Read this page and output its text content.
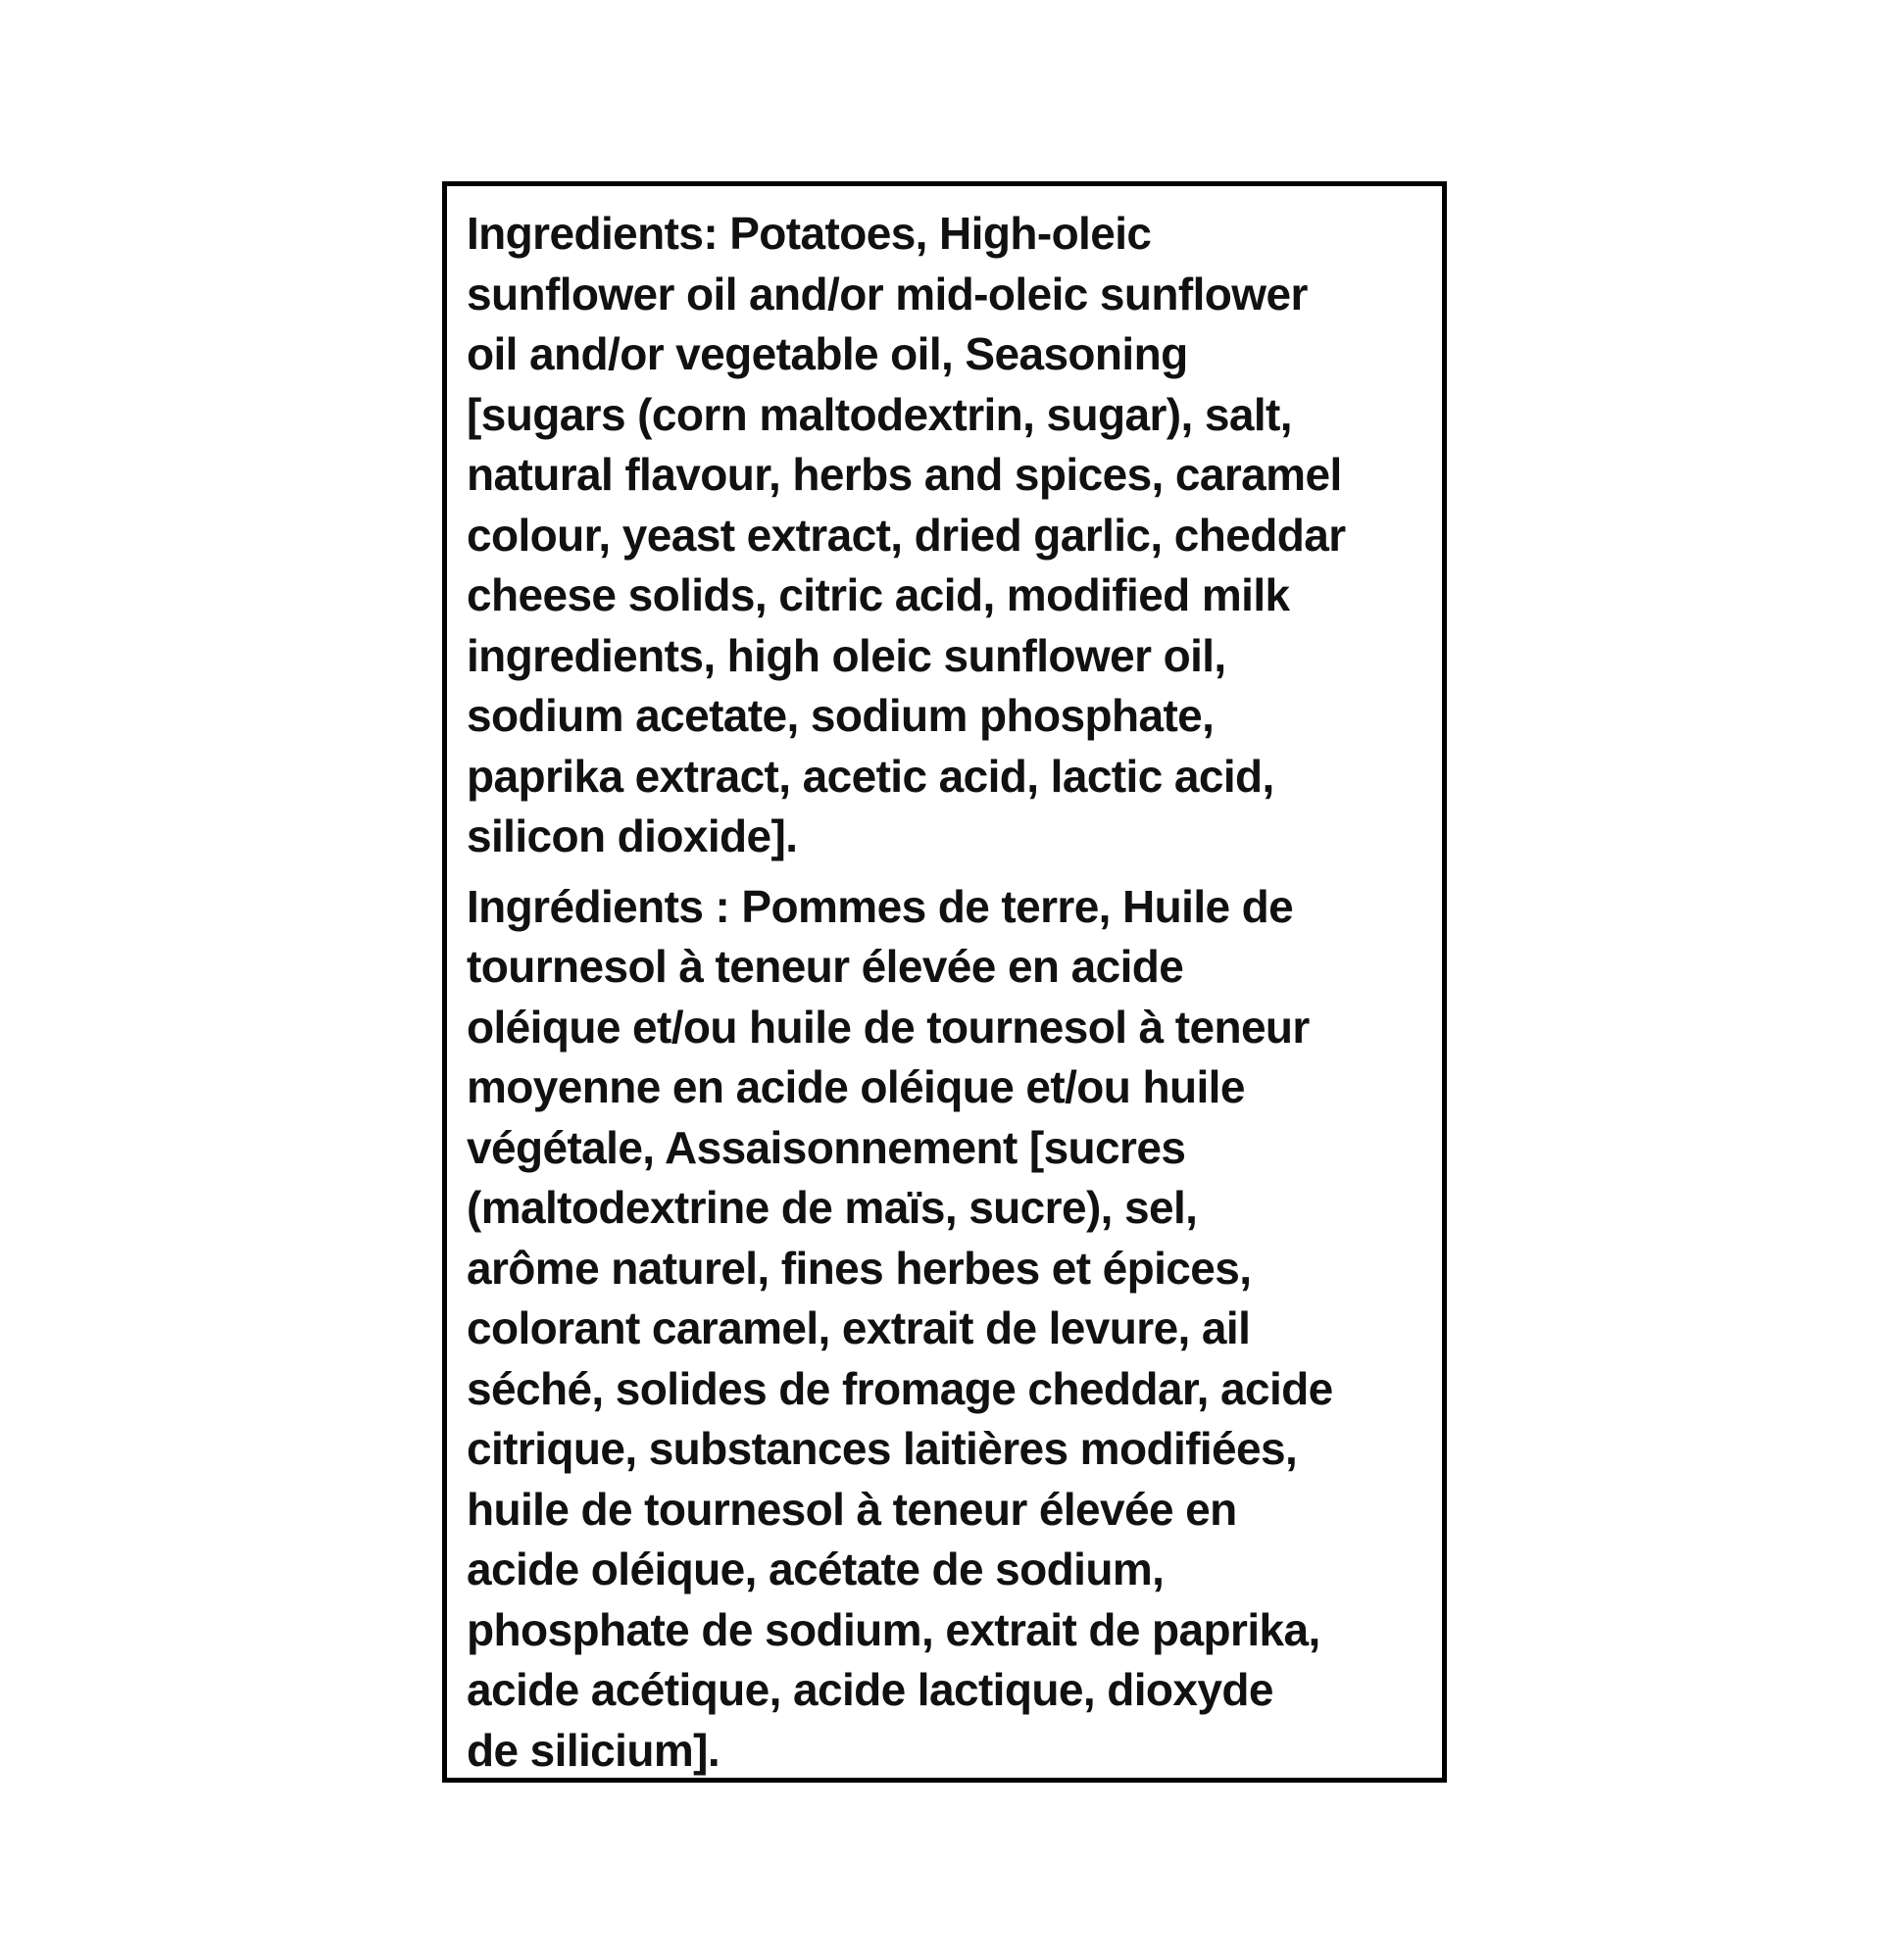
Ingredients: Potatoes, High-oleic
sunflower oil and/or mid-oleic sunflower
oil and/or vegetable oil, Seasoning
[sugars (corn maltodextrin, sugar), salt,
natural flavour, herbs and spices, caramel
colour, yeast extract, dried garlic, cheddar
cheese solids, citric acid, modified milk
ingredients, high oleic sunflower oil,
sodium acetate, sodium phosphate,
paprika extract, acetic acid, lactic acid,
silicon dioxide].
Ingrédients : Pommes de terre, Huile de
tournesol à teneur élevée en acide
oléique et/ou huile de tournesol à teneur
moyenne en acide oléique et/ou huile
végétale, Assaisonnement [sucres
(maltodextrine de maïs, sucre), sel,
arôme naturel, fines herbes et épices,
colorant caramel, extrait de levure, ail
séché, solides de fromage cheddar, acide
citrique, substances laitières modifiées,
huile de tournesol à teneur élevée en
acide oléique, acétate de sodium,
phosphate de sodium, extrait de paprika,
acide acétique, acide lactique, dioxyde
de silicium].
